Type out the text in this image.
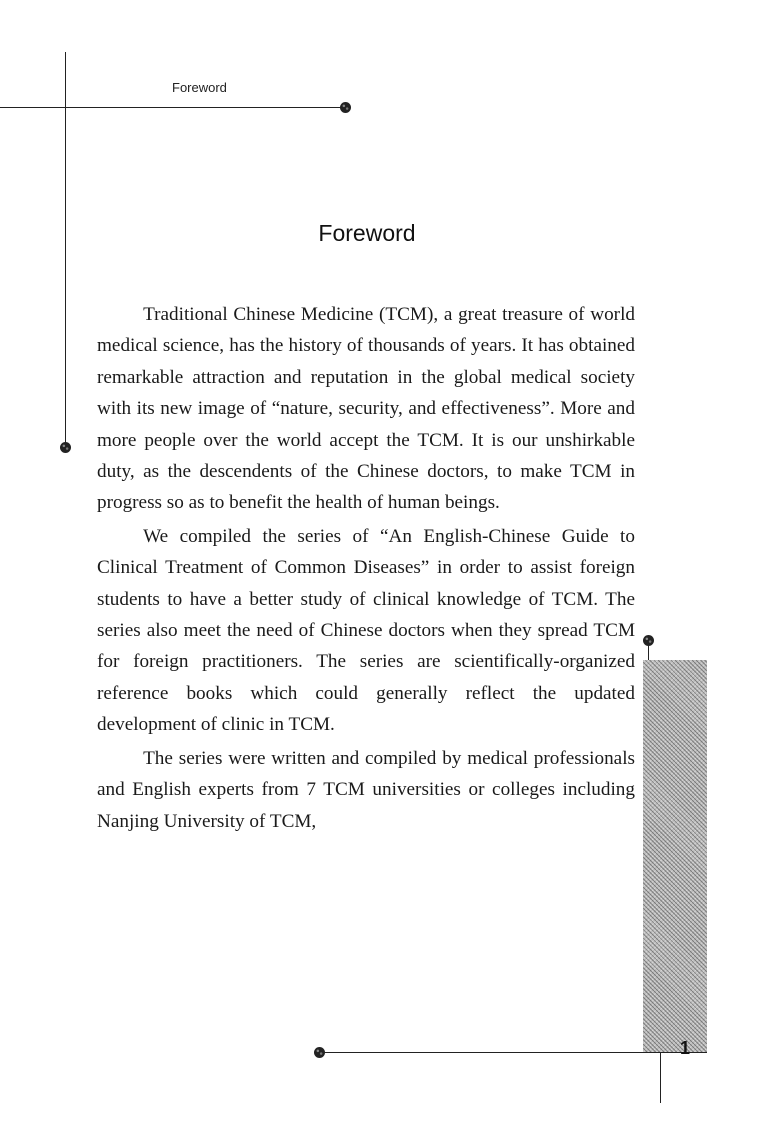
Foreword
Foreword

Traditional Chinese Medicine (TCM), a great treasure of world medical science, has the history of thousands of years. It has obtained remarkable attraction and reputation in the global medical society with its new image of “nature, security, and effectiveness”. More and more people over the world accept the TCM. It is our unshirkable duty, as the descendents of the Chinese doctors, to make TCM in progress so as to benefit the health of human beings.

We compiled the series of “An English-Chinese Guide to Clinical Treatment of Common Diseases” in order to assist foreign students to have a better study of clinical knowledge of TCM. The series also meet the need of Chinese doctors when they spread TCM for foreign practitioners. The series are scientifically-organized reference books which could generally reflect the updated development of clinic in TCM.

The series were written and compiled by medical professionals and English experts from 7 TCM universities or colleges including Nanjing University of TCM,

1
